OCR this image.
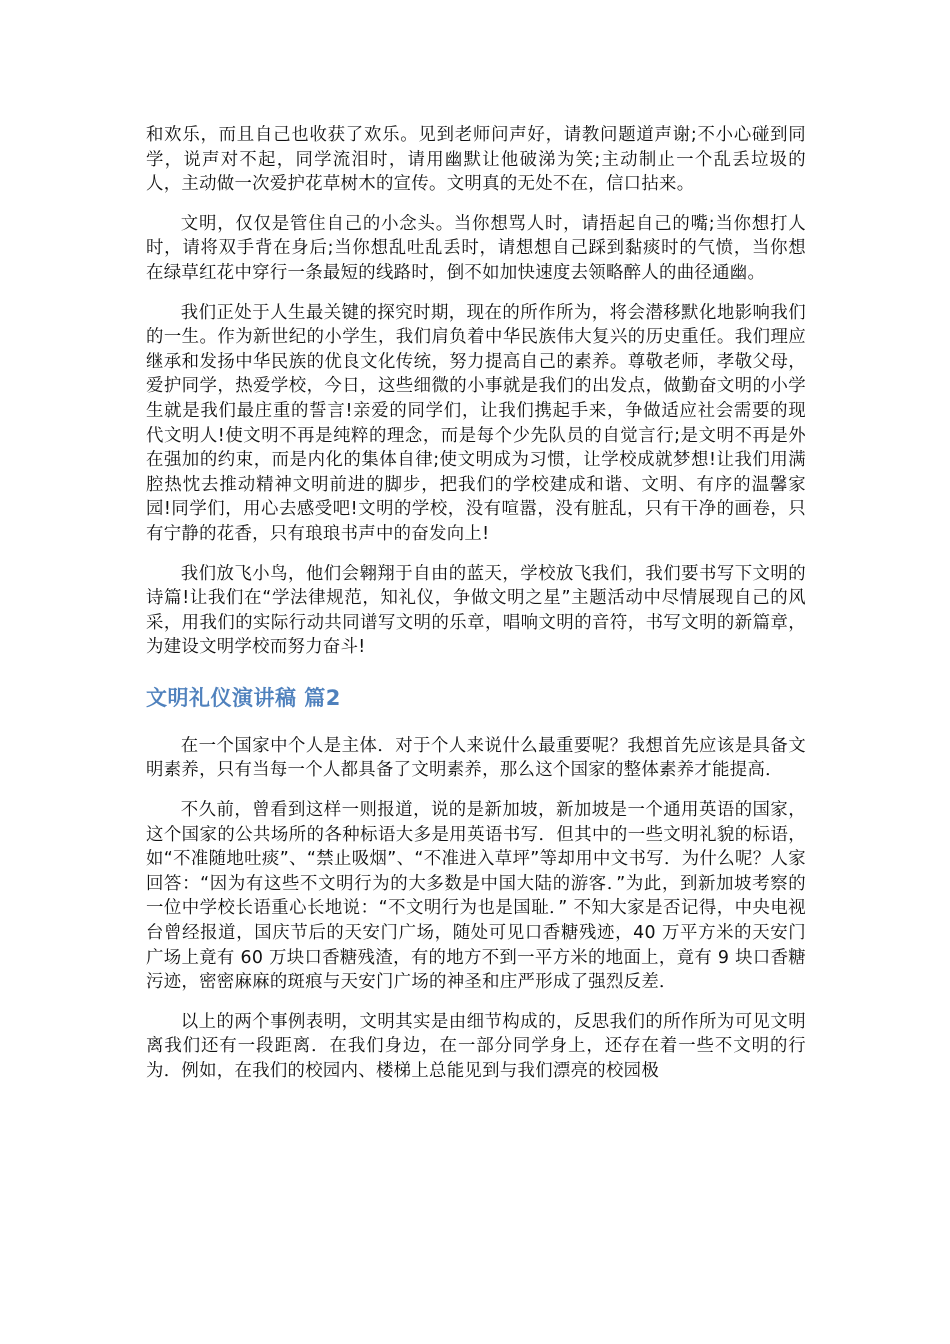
和欢乐，而且自己也收获了欢乐。见到老师问声好，请教问题道声谢;不小心碰到同学，说声对不起，同学流泪时，请用幽默让他破涕为笑;主动制止一个乱丢垃圾的人，主动做一次爱护花草树木的宣传。文明真的无处不在，信口拈来。

文明，仅仅是管住自己的小念头。当你想骂人时，请捂起自己的嘴;当你想打人时，请将双手背在身后;当你想乱吐乱丢时，请想想自己踩到黏痰时的气愤，当你想在绿草红花中穿行一条最短的线路时，倒不如加快速度去领略醉人的曲径通幽。

我们正处于人生最关键的探究时期，现在的所作所为，将会潜移默化地影响我们的一生。作为新世纪的小学生，我们肩负着中华民族伟大复兴的历史重任。我们理应继承和发扬中华民族的优良文化传统，努力提高自己的素养。尊敬老师，孝敬父母，爱护同学，热爱学校，今日，这些细微的小事就是我们的出发点，做勤奋文明的小学生就是我们最庄重的誓言!亲爱的同学们，让我们携起手来，争做适应社会需要的现代文明人!使文明不再是纯粹的理念，而是每个少先队员的自觉言行;是文明不再是外在强加的约束，而是内化的集体自律;使文明成为习惯，让学校成就梦想!让我们用满腔热忱去推动精神文明前进的脚步，把我们的学校建成和谐、文明、有序的温馨家园!同学们，用心去感受吧!文明的学校，没有喧嚣，没有脏乱，只有干净的画卷，只有宁静的花香，只有琅琅书声中的奋发向上!

我们放飞小鸟，他们会翱翔于自由的蓝天，学校放飞我们，我们要书写下文明的诗篇!让我们在“学法律规范，知礼仪，争做文明之星”主题活动中尽情展现自己的风采，用我们的实际行动共同谱写文明的乐章，唱响文明的音符，书写文明的新篇章，为建设文明学校而努力奋斗!

文明礼仪演讲稿 篇2

在一个国家中个人是主体．对于个人来说什么最重要呢？我想首先应该是具备文明素养，只有当每一个人都具备了文明素养，那么这个国家的整体素养才能提高．

不久前，曾看到这样一则报道，说的是新加坡，新加坡是一个通用英语的国家，这个国家的公共场所的各种标语大多是用英语书写．但其中的一些文明礼貌的标语，如“不准随地吐痰”、“禁止吸烟”、“不准进入草坪”等却用中文书写．为什么呢？人家回答：“因为有这些不文明行为的大多数是中国大陆的游客．”为此，到新加坡考察的一位中学校长语重心长地说：“不文明行为也是国耻．” 不知大家是否记得，中央电视台曾经报道，国庆节后的天安门广场，随处可见口香糖残迹，40 万平方米的天安门广场上竟有 60 万块口香糖残渣，有的地方不到一平方米的地面上，竟有 9 块口香糖污迹，密密麻麻的斑痕与天安门广场的神圣和庄严形成了强烈反差．

以上的两个事例表明，文明其实是由细节构成的，反思我们的所作所为可见文明离我们还有一段距离．在我们身边，在一部分同学身上，还存在着一些不文明的行为．例如，在我们的校园内、楼梯上总能见到与我们漂亮的校园极
